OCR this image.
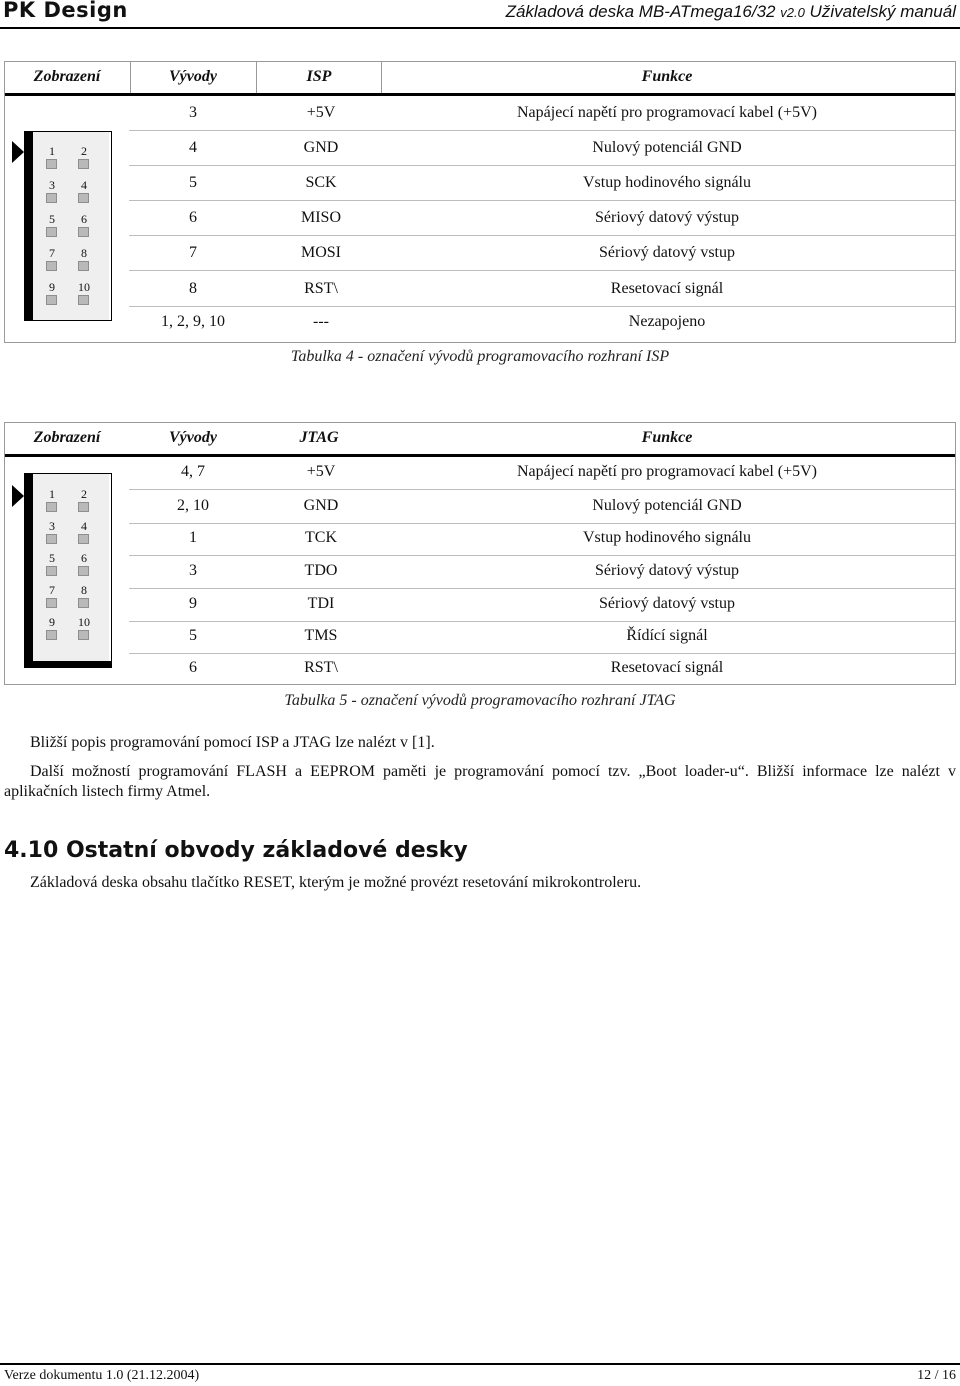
PK Design	Základová deska MB-ATmega16/32 v2.0 Uživatelský manuál
Zobrazení	Vývody	ISP	Funkce
3	+5V	Napájecí napětí pro programovací kabel (+5V)
4	GND	Nulový potenciál GND
5	SCK	Vstup hodinového signálu
6	MISO	Sériový datový výstup
7	MOSI	Sériový datový vstup
8	RST\	Resetovací signál
1, 2, 9, 10	---	Nezapojeno
1 2
3 4
5 6
7 8
9 10
Tabulka 4 - označení vývodů programovacího rozhraní ISP
Zobrazení	Vývody	JTAG	Funkce
4, 7	+5V	Napájecí napětí pro programovací kabel (+5V)
2, 10	GND	Nulový potenciál GND
1	TCK	Vstup hodinového signálu
3	TDO	Sériový datový výstup
9	TDI	Sériový datový vstup
5	TMS	Řídící signál
6	RST\	Resetovací signál
1 2
3 4
5 6
7 8
9 10
Tabulka 5 - označení vývodů programovacího rozhraní JTAG
Bližší popis programování pomocí ISP a JTAG lze nalézt v [1].
Další možností programování FLASH a EEPROM paměti je programování pomocí tzv. „Boot loader-u“. Bližší informace lze nalézt v aplikačních listech firmy Atmel.
4.10 Ostatní obvody základové desky
Základová deska obsahu tlačítko RESET, kterým je možné provézt resetování mikrokontroleru.
Verze dokumentu 1.0 (21.12.2004)	12 / 16
